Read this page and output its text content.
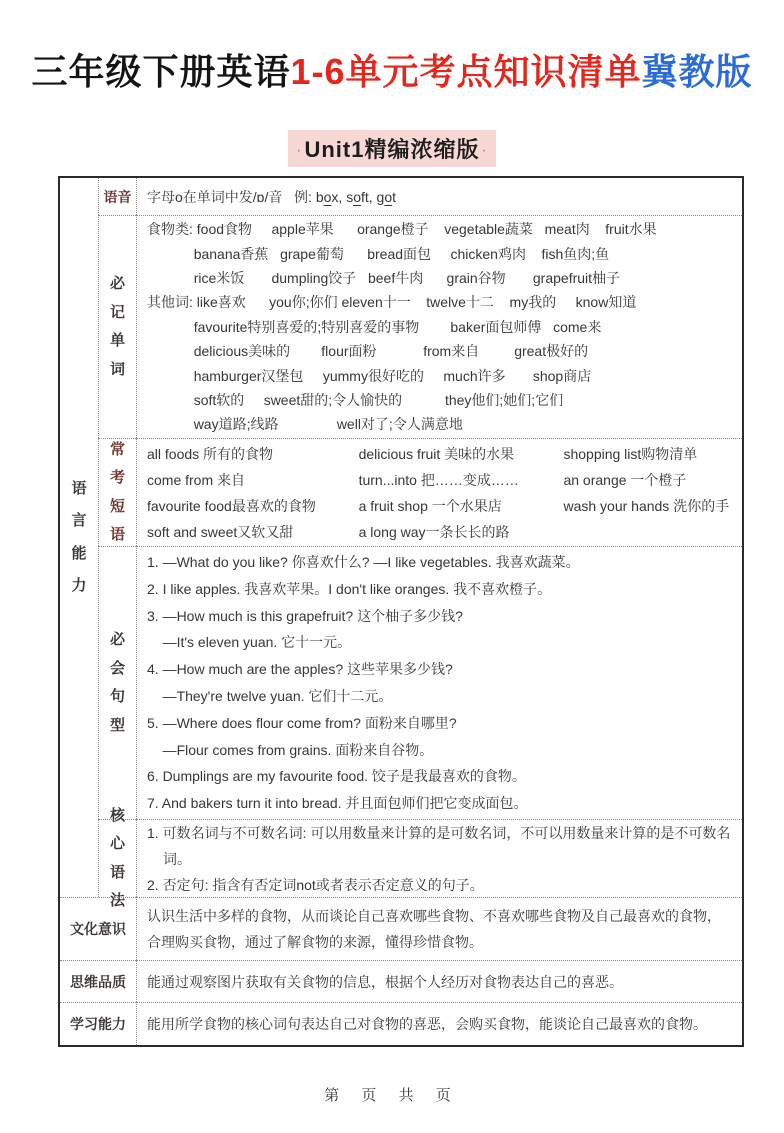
三年级下册英语1-6单元考点知识清单冀教版
·Unit1精编浓缩版 ·
语言能力
语音 字母o在单词中发/ɒ/音   例: box, soft, got
必记单词
食物类: food食物     apple苹果      orange橙子    vegetable蔬菜   meat肉    fruit水果
banana香蕉   grape葡萄      bread面包     chicken鸡肉    fish鱼肉;鱼
rice米饭       dumpling饺子   beef牛肉      grain谷物       grapefruit柚子
其他词: like喜欢      you你;你们 eleven十一    twelve十二    my我的     know知道
favourite特别喜爱的;特别喜爱的事物        baker面包师傅   come来
delicious美味的        flour面粉            from来自         great极好的
hamburger汉堡包     yummy很好吃的     much许多       shop商店
soft软的     sweet甜的;令人愉快的           they他们;她们;它们
way道路;线路               well对了;令人满意地
常考短语
all foods 所有的食物	delicious fruit 美味的水果	shopping list购物清单
come from 来自	turn...into 把……变成……	an orange 一个橙子
favourite food最喜欢的食物	a fruit shop 一个水果店	wash your hands 洗你的手
soft and sweet又软又甜	a long way一条长长的路
必会句型
1. —What do you like? 你喜欢什么? —I like vegetables. 我喜欢蔬菜。
2. I like apples. 我喜欢苹果。I don't like oranges. 我不喜欢橙子。
3. —How much is this grapefruit? 这个柚子多少钱?
—It's eleven yuan. 它十一元。
4. —How much are the apples? 这些苹果多少钱?
—They're twelve yuan. 它们十二元。
5. —Where does flour come from? 面粉来自哪里?
—Flour comes from grains. 面粉来自谷物。
6. Dumplings are my favourite food. 饺子是我最喜欢的食物。
7. And bakers turn it into bread. 并且面包师们把它变成面包。
核心语法
1. 可数名词与不可数名词: 可以用数量来计算的是可数名词，不可以用数量来计算的是不可数名词。
2. 否定句: 指含有否定词not或者表示否定意义的句子。
文化意识
认识生活中多样的食物，从而谈论自己喜欢哪些食物、不喜欢哪些食物及自己最喜欢的食物，合理购买食物，通过了解食物的来源，懂得珍惜食物。
思维品质 能通过观察图片获取有关食物的信息，根据个人经历对食物表达自己的喜恶。
学习能力 能用所学食物的核心词句表达自己对食物的喜恶，会购买食物，能谈论自己最喜欢的食物。
第 页 共 页
